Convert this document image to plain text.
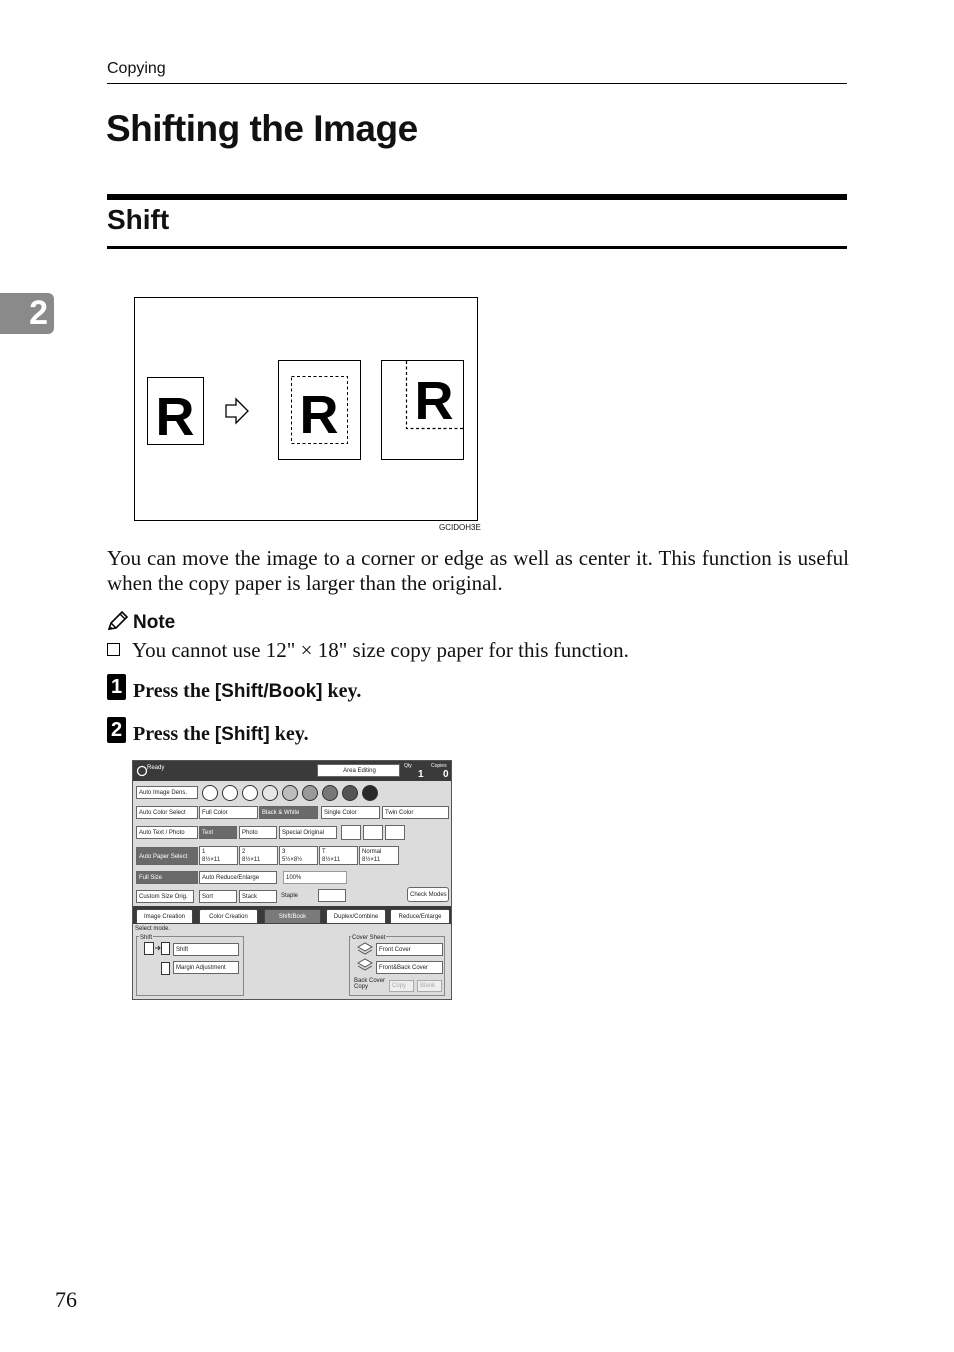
Copying
Shifting the Image
Shift
2
R R R
GCIDOH3E
You can move the image to a corner or edge as well as center it. This function is useful when the copy paper is larger than the original.
Note
You cannot use 12" × 18" size copy paper for this function.
1 Press the [Shift/Book] key.
2 Press the [Shift] key.
Ready	Area Editing
Qty
1
Copies
0
Auto Image Dens.
Auto Color Select	Full Color	Black & White	Single Color	Twin Color
Auto Text / Photo	Text	Photo	Special Original
Auto Paper Select
1
8½×11
2
8½×11
3
5½×8½
T
8½×11
Normal
8½×11
Full Size	Auto Reduce/Enlarge	100%
Custom Size Orig.	Sort	Stack	Staple	Check Modes
Image Creation	Color Creation	Shift/Book	Duplex/Combine	Reduce/Enlarge
Select mode.
Shift
Shift
Margin Adjustment
Cover Sheet
Front Cover
Front&Back Cover
Back Cover Copy	Copy	Blank
76
